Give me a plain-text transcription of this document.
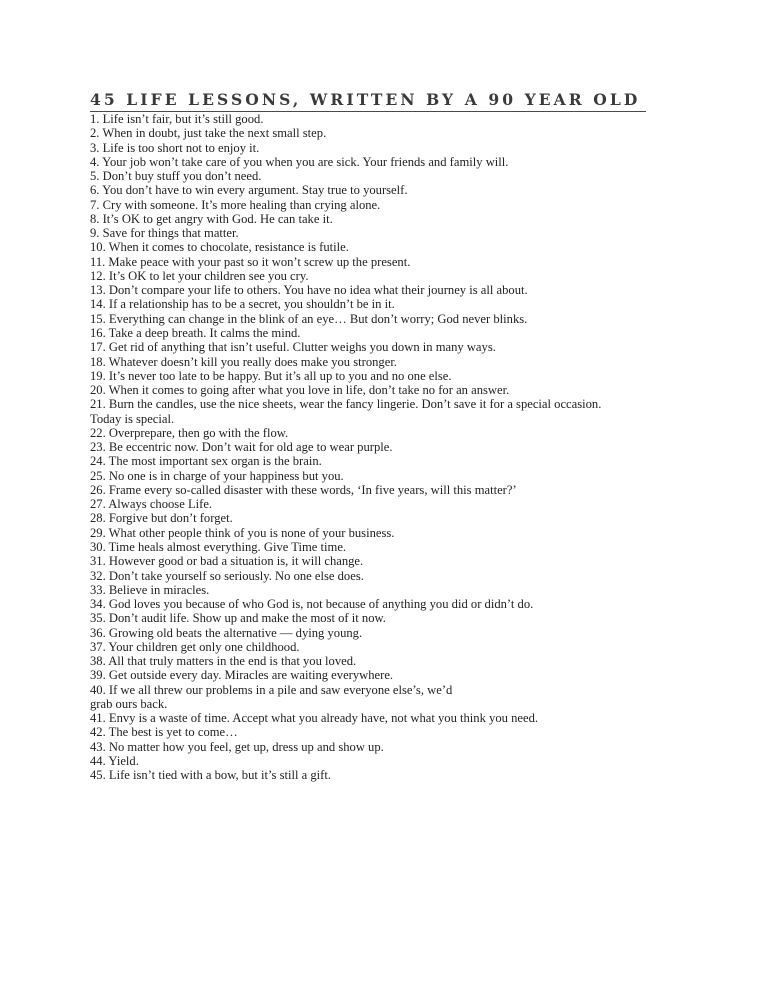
45 LIFE LESSONS, WRITTEN BY A 90 YEAR OLD
1. Life isn’t fair, but it’s still good.
2. When in doubt, just take the next small step.
3. Life is too short not to enjoy it.
4. Your job won’t take care of you when you are sick. Your friends and family will.
5. Don’t buy stuff you don’t need.
6. You don’t have to win every argument. Stay true to yourself.
7. Cry with someone. It’s more healing than crying alone.
8. It’s OK to get angry with God. He can take it.
9. Save for things that matter.
10. When it comes to chocolate, resistance is futile.
11. Make peace with your past so it won’t screw up the present.
12. It’s OK to let your children see you cry.
13. Don’t compare your life to others. You have no idea what their journey is all about.
14. If a relationship has to be a secret, you shouldn’t be in it.
15. Everything can change in the blink of an eye… But don’t worry; God never blinks.
16. Take a deep breath. It calms the mind.
17. Get rid of anything that isn’t useful. Clutter weighs you down in many ways.
18. Whatever doesn’t kill you really does make you stronger.
19. It’s never too late to be happy. But it’s all up to you and no one else.
20. When it comes to going after what you love in life, don’t take no for an answer.
21. Burn the candles, use the nice sheets, wear the fancy lingerie. Don’t save it for a special occasion.
Today is special.
22. Overprepare, then go with the flow.
23. Be eccentric now. Don’t wait for old age to wear purple.
24. The most important sex organ is the brain.
25. No one is in charge of your happiness but you.
26. Frame every so-called disaster with these words, ‘In five years, will this matter?’
27. Always choose Life.
28. Forgive but don’t forget.
29. What other people think of you is none of your business.
30. Time heals almost everything. Give Time time.
31. However good or bad a situation is, it will change.
32. Don’t take yourself so seriously. No one else does.
33. Believe in miracles.
34. God loves you because of who God is, not because of anything you did or didn’t do.
35. Don’t audit life. Show up and make the most of it now.
36. Growing old beats the alternative — dying young.
37. Your children get only one childhood.
38. All that truly matters in the end is that you loved.
39. Get outside every day. Miracles are waiting everywhere.
40. If we all threw our problems in a pile and saw everyone else’s, we’d
grab ours back.
41. Envy is a waste of time. Accept what you already have, not what you think you need.
42. The best is yet to come…
43. No matter how you feel, get up, dress up and show up.
44. Yield.
45. Life isn’t tied with a bow, but it’s still a gift.
